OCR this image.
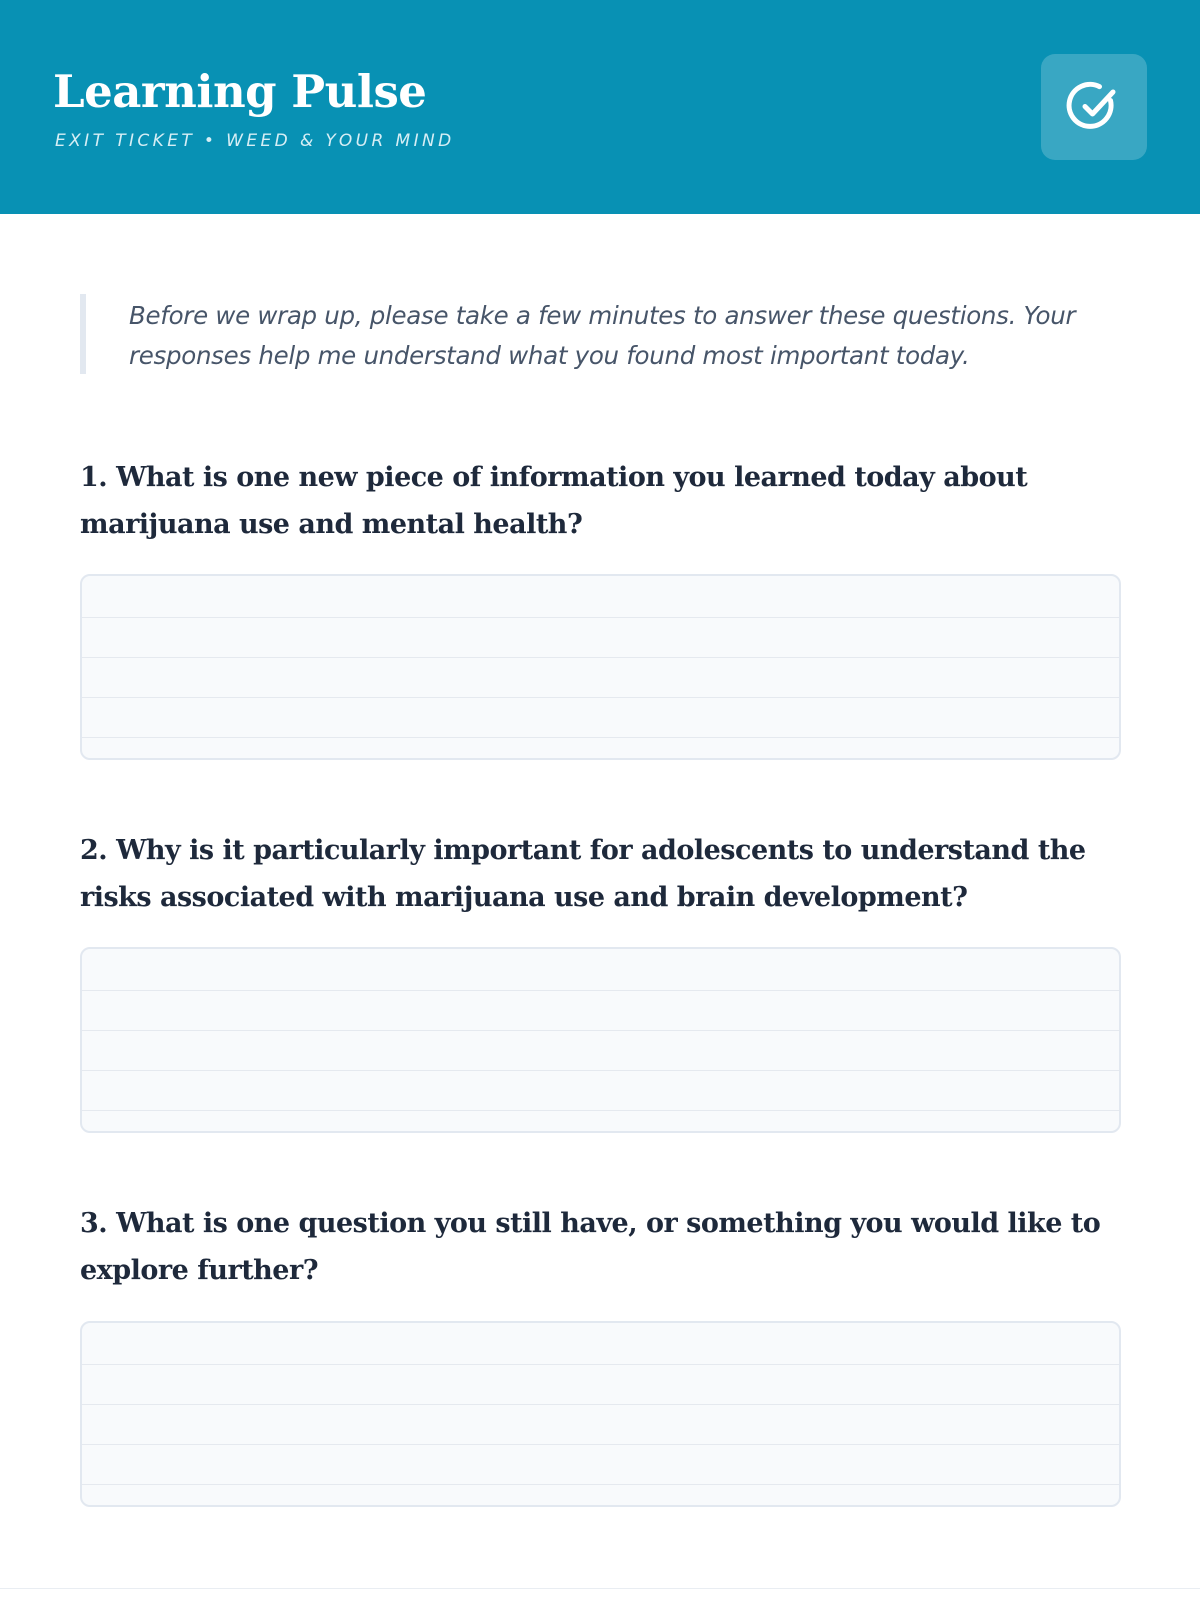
Learning Pulse
EXIT TICKET • WEED & YOUR MIND
Before we wrap up, please take a few minutes to answer these questions. Your responses help me understand what you found most important today.
1. What is one new piece of information you learned today about marijuana use and mental health?
2. Why is it particularly important for adolescents to understand the risks associated with marijuana use and brain development?
3. What is one question you still have, or something you would like to explore further?
